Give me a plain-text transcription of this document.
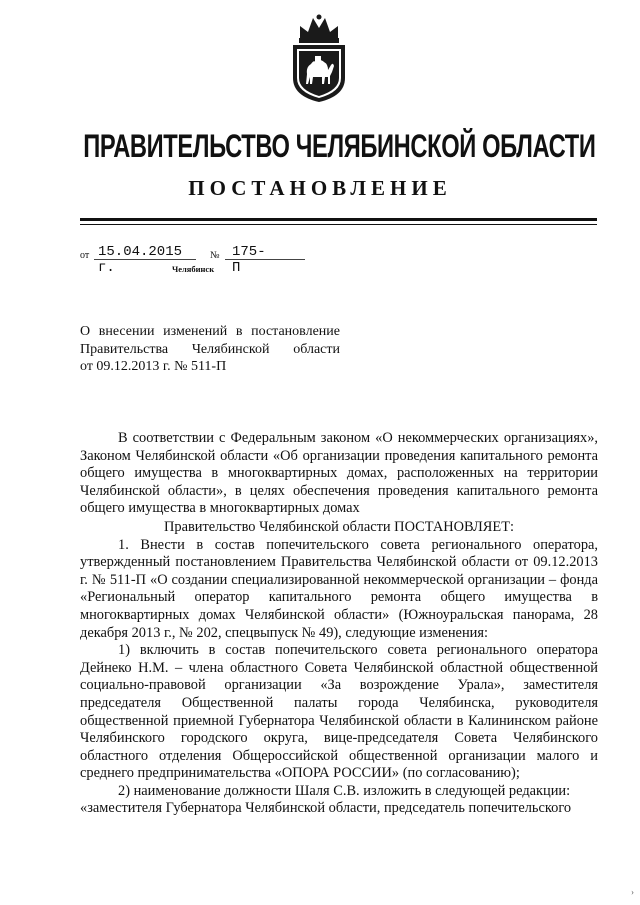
ПРАВИТЕЛЬСТВО ЧЕЛЯБИНСКОЙ ОБЛАСТИ
ПОСТАНОВЛЕНИЕ
от 15.04.2015 г.
№ 175-П
Челябинск
О внесении изменений в постановление
Правительства Челябинской области
от 09.12.2013 г. № 511-П

В соответствии с Федеральным законом «О некоммерческих организациях», Законом Челябинской области «Об организации проведения капитального ремонта общего имущества в многоквартирных домах, расположенных на территории Челябинской области», в целях обеспечения проведения капитального ремонта общего имущества в многоквартирных домах

Правительство Челябинской области ПОСТАНОВЛЯЕТ:

1. Внести в состав попечительского совета регионального оператора, утвержденный постановлением Правительства Челябинской области от 09.12.2013 г. № 511-П «О создании специализированной некоммерческой организации – фонда «Региональный оператор капитального ремонта общего имущества в многоквартирных домах Челябинской области» (Южноуральская панорама, 28 декабря 2013 г., № 202, спецвыпуск № 49), следующие изменения:

1) включить в состав попечительского совета регионального оператора Дейнеко Н.М. – члена областного Совета Челябинской областной общественной социально-правовой организации «За возрождение Урала», заместителя председателя Общественной палаты города Челябинска, руководителя общественной приемной Губернатора Челябинской области в Калининском районе Челябинского городского округа, вице-председателя Совета Челябинского областного отделения Общероссийской общественной организации малого и среднего предпринимательства «ОПОРА РОССИИ» (по согласованию);

2) наименование должности Шаля С.В. изложить в следующей редакции:

«заместителя Губернатора Челябинской области, председатель попечительского

›
